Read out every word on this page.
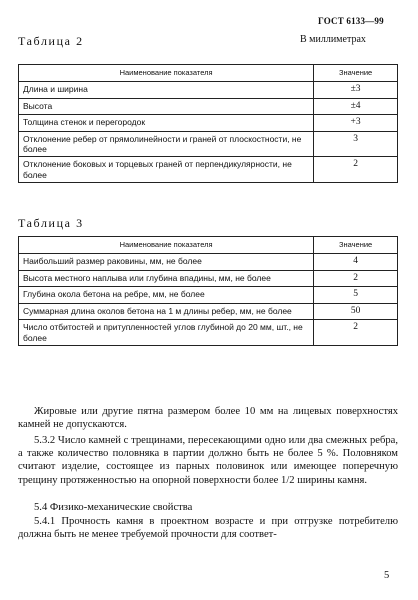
ГОСТ 6133—99
Таблица 2	В миллиметрах
Наименование показателя	Значение
Длина и ширина	±3
Высота	±4
Толщина стенок и перегородок	+3
Отклонение ребер от прямолинейности и граней от плоскостности, не более	3
Отклонение боковых и торцевых граней от перпендикулярности, не более	2
Таблица 3
Наименование показателя	Значение
Наибольший размер раковины, мм, не более	4
Высота местного наплыва или глубина впадины, мм, не более	2
Глубина окола бетона на ребре, мм, не более	5
Суммарная длина околов бетона на 1 м длины ребер, мм, не более	50
Число отбитостей и притупленностей углов глубиной до 20 мм, шт., не более	2

Жировые или другие пятна размером более 10 мм на лицевых поверхностях камней не допускаются.

5.3.2 Число камней с трещинами, пересекающими одно или два смежных ребра, а также количество половняка в партии должно быть не более 5 %. Половняком считают изделие, состоящее из парных половинок или имеющее поперечную трещину протяженностью на опорной поверхности более 1/2 ширины камня.

5.4 Физико-механические свойства

5.4.1 Прочность камня в проектном возрасте и при отгрузке потребителю должна быть не менее требуемой прочности для соответ-

5
